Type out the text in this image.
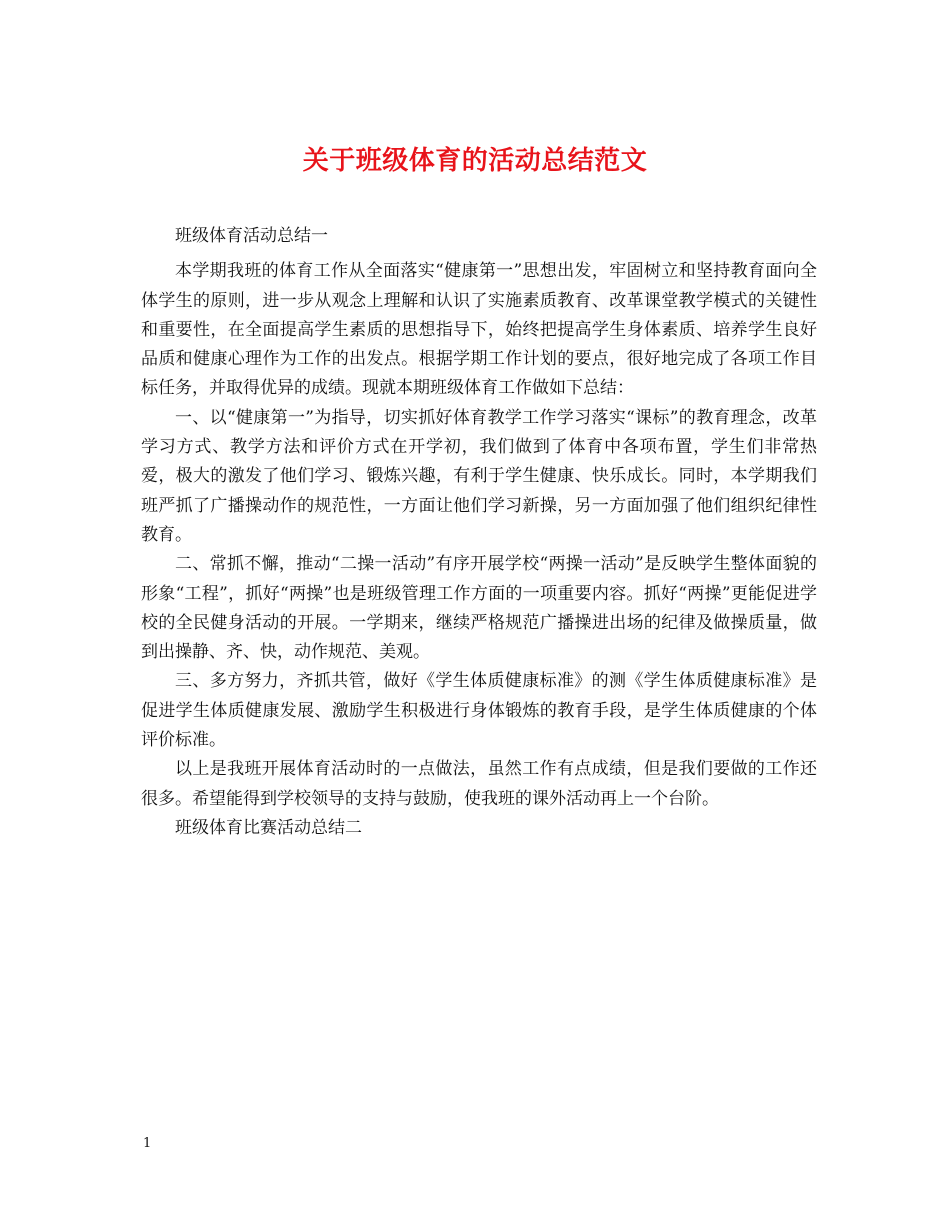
关于班级体育的活动总结范文

班级体育活动总结一

本学期我班的体育工作从全面落实“健康第一”思想出发，牢固树立和坚持教育面向全体学生的原则，进一步从观念上理解和认识了实施素质教育、改革课堂教学模式的关键性和重要性，在全面提高学生素质的思想指导下，始终把提高学生身体素质、培养学生良好品质和健康心理作为工作的出发点。根据学期工作计划的要点，很好地完成了各项工作目标任务，并取得优异的成绩。现就本期班级体育工作做如下总结：

一、以“健康第一”为指导，切实抓好体育教学工作学习落实“课标”的教育理念，改革学习方式、教学方法和评价方式在开学初，我们做到了体育中各项布置，学生们非常热爱，极大的激发了他们学习、锻炼兴趣，有利于学生健康、快乐成长。同时，本学期我们班严抓了广播操动作的规范性，一方面让他们学习新操，另一方面加强了他们组织纪律性教育。

二、常抓不懈，推动“二操一活动”有序开展学校“两操一活动”是反映学生整体面貌的形象“工程”，抓好“两操”也是班级管理工作方面的一项重要内容。抓好“两操”更能促进学校的全民健身活动的开展。一学期来，继续严格规范广播操进出场的纪律及做操质量，做到出操静、齐、快，动作规范、美观。

三、多方努力，齐抓共管，做好《学生体质健康标准》的测《学生体质健康标准》是促进学生体质健康发展、激励学生积极进行身体锻炼的教育手段，是学生体质健康的个体评价标准。

以上是我班开展体育活动时的一点做法，虽然工作有点成绩，但是我们要做的工作还很多。希望能得到学校领导的支持与鼓励，使我班的课外活动再上一个台阶。

班级体育比赛活动总结二

1
